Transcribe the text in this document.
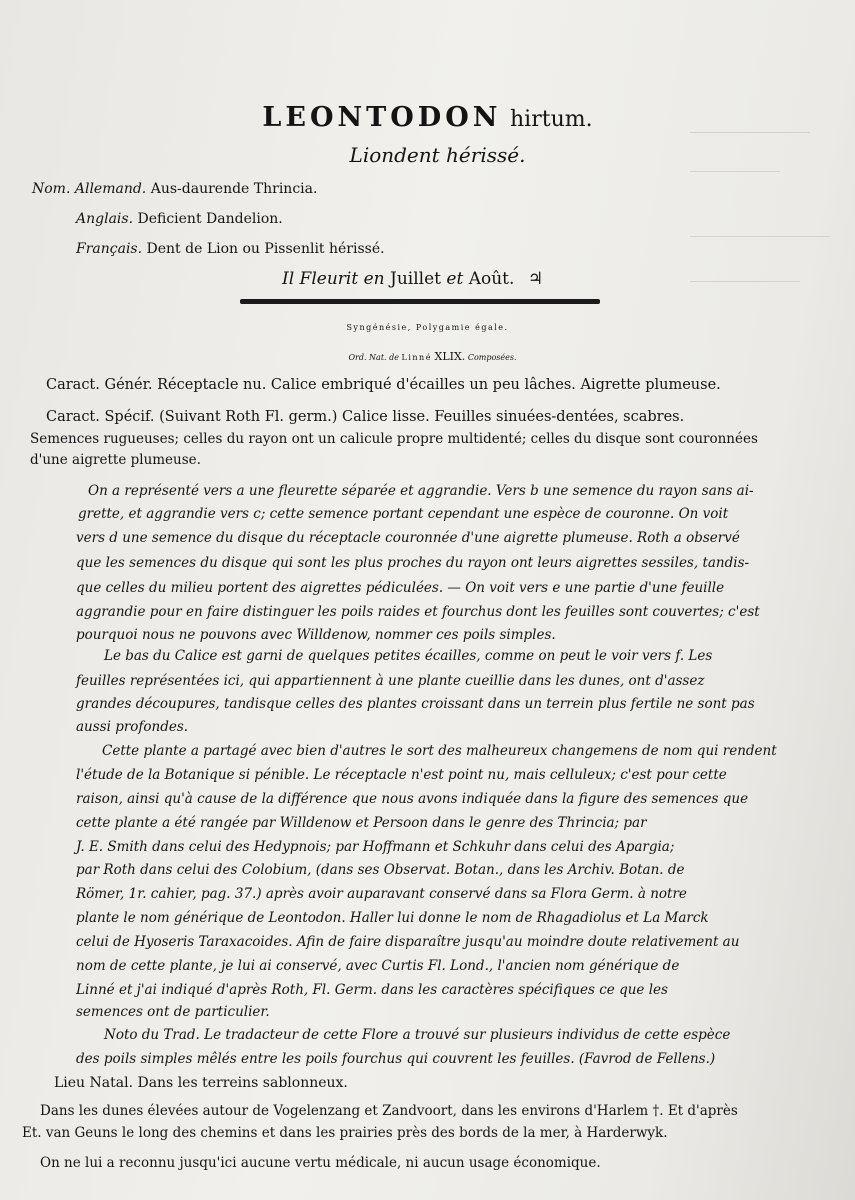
LEONTODON hirtum.
Liondent hérissé.
Nom. Allemand. Aus-daurende Thrincia.
Anglais. Deficient Dandelion.
Français. Dent de Lion ou Pissenlit hérissé.
Il Fleurit en Juillet et Août. ♃
Syngénésie, Polygamie égale.
Ord. Nat. de Linné XLIX. Composées.
Caract. Génér. Réceptacle nu. Calice embriqué d'écailles un peu lâches. Aigrette plumeuse.
Caract. Spécif. (Suivant Roth Fl. germ.) Calice lisse. Feuilles sinuées-dentées, scabres.
Semences rugueuses; celles du rayon ont un calicule propre multidenté; celles du disque sont couronnées
d'une aigrette plumeuse.
On a représenté vers a une fleurette séparée et aggrandie. Vers b une semence du rayon sans ai-
grette, et aggrandie vers c; cette semence portant cependant une espèce de couronne. On voit
vers d une semence du disque du réceptacle couronnée d'une aigrette plumeuse. Roth a observé
que les semences du disque qui sont les plus proches du rayon ont leurs aigrettes sessiles, tandis-
que celles du milieu portent des aigrettes pédiculées. — On voit vers e une partie d'une feuille
aggrandie pour en faire distinguer les poils raides et fourchus dont les feuilles sont couvertes; c'est
pourquoi nous ne pouvons avec Willdenow, nommer ces poils simples.
Le bas du Calice est garni de quelques petites écailles, comme on peut le voir vers f. Les
feuilles représentées ici, qui appartiennent à une plante cueillie dans les dunes, ont d'assez
grandes découpures, tandisque celles des plantes croissant dans un terrein plus fertile ne sont pas
aussi profondes.
Cette plante a partagé avec bien d'autres le sort des malheureux changemens de nom qui rendent
l'étude de la Botanique si pénible. Le réceptacle n'est point nu, mais celluleux; c'est pour cette
raison, ainsi qu'à cause de la différence que nous avons indiquée dans la figure des semences que
cette plante a été rangée par Willdenow et Persoon dans le genre des Thrincia; par
J. E. Smith dans celui des Hedypnois; par Hoffmann et Schkuhr dans celui des Apargia;
par Roth dans celui des Colobium, (dans ses Observat. Botan., dans les Archiv. Botan. de
Römer, 1r. cahier, pag. 37.) après avoir auparavant conservé dans sa Flora Germ. à notre
plante le nom générique de Leontodon. Haller lui donne le nom de Rhagadiolus et La Marck
celui de Hyoseris Taraxacoides. Afin de faire disparaître jusqu'au moindre doute relativement au
nom de cette plante, je lui ai conservé, avec Curtis Fl. Lond., l'ancien nom générique de
Linné et j'ai indiqué d'après Roth, Fl. Germ. dans les caractères spécifiques ce que les
semences ont de particulier.
Noto du Trad. Le tradacteur de cette Flore a trouvé sur plusieurs individus de cette espèce
des poils simples mêlés entre les poils fourchus qui couvrent les feuilles. (Favrod de Fellens.)
Lieu Natal. Dans les terreins sablonneux.
Dans les dunes élevées autour de Vogelenzang et Zandvoort, dans les environs d'Harlem †. Et d'après
Et. van Geuns le long des chemins et dans les prairies près des bords de la mer, à Harderwyk.
On ne lui a reconnu jusqu'ici aucune vertu médicale, ni aucun usage économique.
